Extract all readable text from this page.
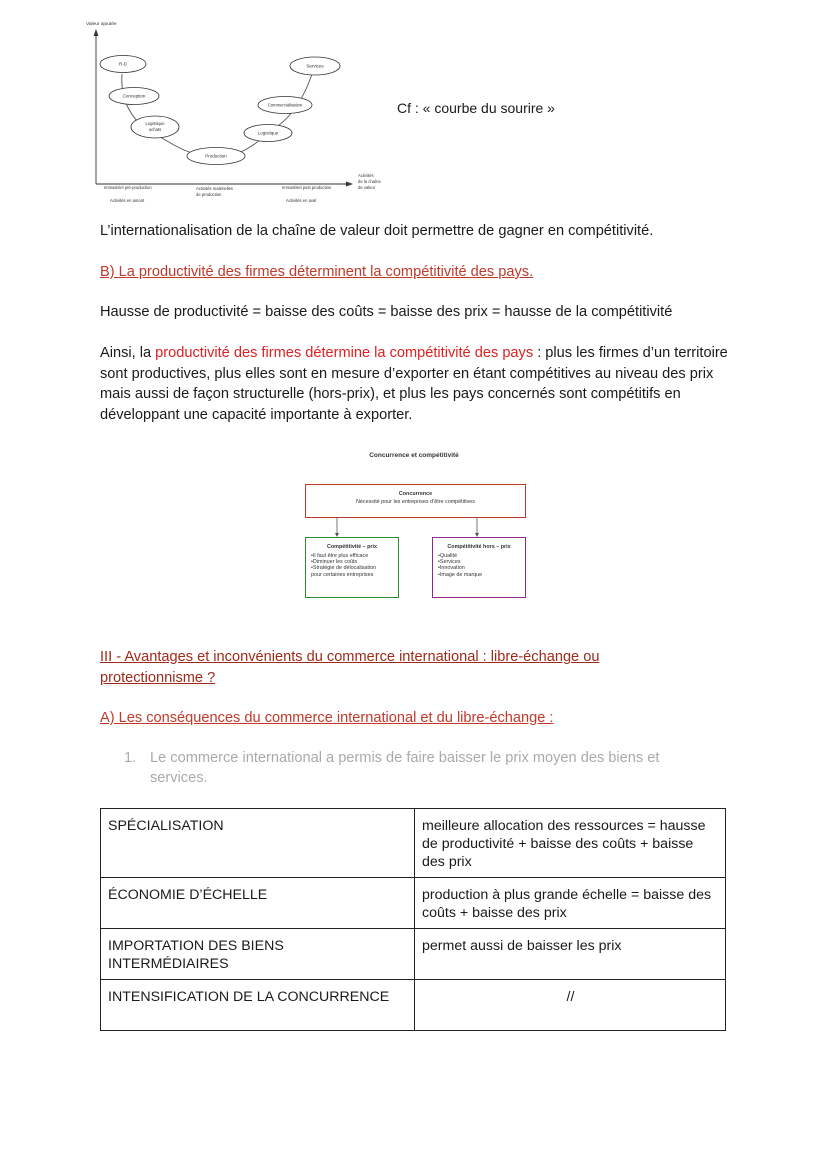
Valeur ajoutée
Activités
de la chaîne
de valeur
R-D
Conception
Logistique
achats
Production
Logistique
Commercialisation
Services
Immatériel pré-production
Activités en amont
Activités matérielles
de production
Immatériel post production
Activités en aval
Cf : « courbe du sourire »
L’internationalisation de la chaîne de valeur doit permettre de gagner en compétitivité.
B) La productivité des firmes déterminent la compétitivité des pays.
Hausse de productivité = baisse des coûts = baisse des prix = hausse de la compétitivité
Ainsi, la productivité des firmes détermine la compétitivité des pays : plus les firmes d’un territoire sont productives, plus elles sont en mesure d’exporter en étant compétitives au niveau des prix mais aussi de façon structurelle (hors-prix), et plus les pays concernés sont compétitifs en développant une capacité importante à exporter.
Concurrence et compétitivité
Concurrence
Nécessité pour les entreprises d’être compétitives
Compétitivité – prix
•Il faut être plus efficace
•Diminuer les coûts
•Stratégie de délocalisation
pour certaines entreprises
Compétitivité hors – prix
•Qualité
•Services
•Innovation
•Image de marque
III - Avantages et inconvénients du commerce international : libre-échange ou protectionnisme ?
A) Les conséquences du commerce international et du libre-échange :
1. Le commerce international a permis de faire baisser le prix moyen des biens et services.
SPÉCIALISATION	meilleure allocation des ressources = hausse de productivité + baisse des coûts + baisse des prix
ÉCONOMIE D’ÉCHELLE	production à plus grande échelle = baisse des coûts + baisse des prix
IMPORTATION DES BIENS INTERMÉDIAIRES	permet aussi de baisser les prix
INTENSIFICATION DE LA CONCURRENCE	//
